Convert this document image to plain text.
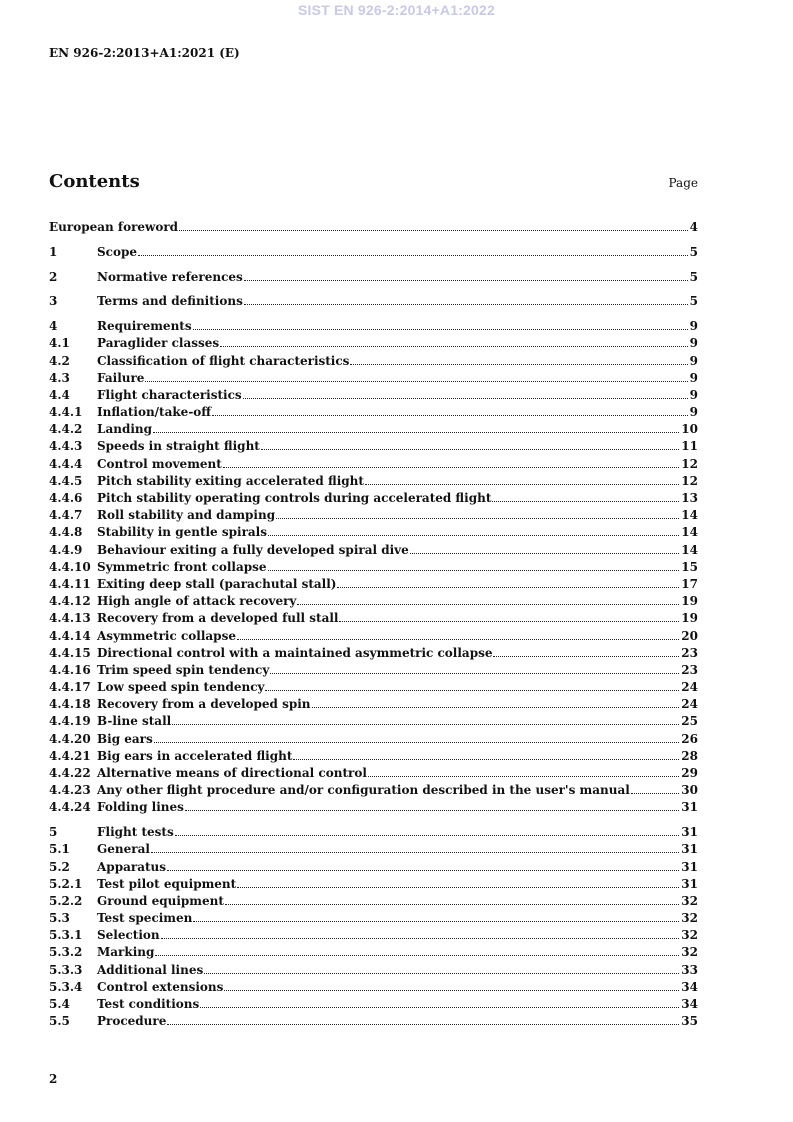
SIST EN 926-2:2014+A1:2022
EN 926-2:2013+A1:2021 (E)
Contents	Page
European foreword	4
1	Scope	5
2	Normative references	5
3	Terms and definitions	5
4	Requirements	9
4.1	Paraglider classes	9
4.2	Classification of flight characteristics	9
4.3	Failure	9
4.4	Flight characteristics	9
4.4.1	Inflation/take-off	9
4.4.2	Landing	10
4.4.3	Speeds in straight flight	11
4.4.4	Control movement	12
4.4.5	Pitch stability exiting accelerated flight	12
4.4.6	Pitch stability operating controls during accelerated flight	13
4.4.7	Roll stability and damping	14
4.4.8	Stability in gentle spirals	14
4.4.9	Behaviour exiting a fully developed spiral dive	14
4.4.10 Symmetric front collapse	15
4.4.11 Exiting deep stall (parachutal stall)	17
4.4.12 High angle of attack recovery	19
4.4.13 Recovery from a developed full stall	19
4.4.14 Asymmetric collapse	20
4.4.15 Directional control with a maintained asymmetric collapse	23
4.4.16 Trim speed spin tendency	23
4.4.17 Low speed spin tendency	24
4.4.18 Recovery from a developed spin	24
4.4.19 B-line stall	25
4.4.20 Big ears	26
4.4.21 Big ears in accelerated flight	28
4.4.22 Alternative means of directional control	29
4.4.23 Any other flight procedure and/or configuration described in the user's manual	30
4.4.24 Folding lines	31
5	Flight tests	31
5.1	General	31
5.2	Apparatus	31
5.2.1	Test pilot equipment	31
5.2.2	Ground equipment	32
5.3	Test specimen	32
5.3.1	Selection	32
5.3.2	Marking	32
5.3.3	Additional lines	33
5.3.4	Control extensions	34
5.4	Test conditions	34
5.5	Procedure	35
2
